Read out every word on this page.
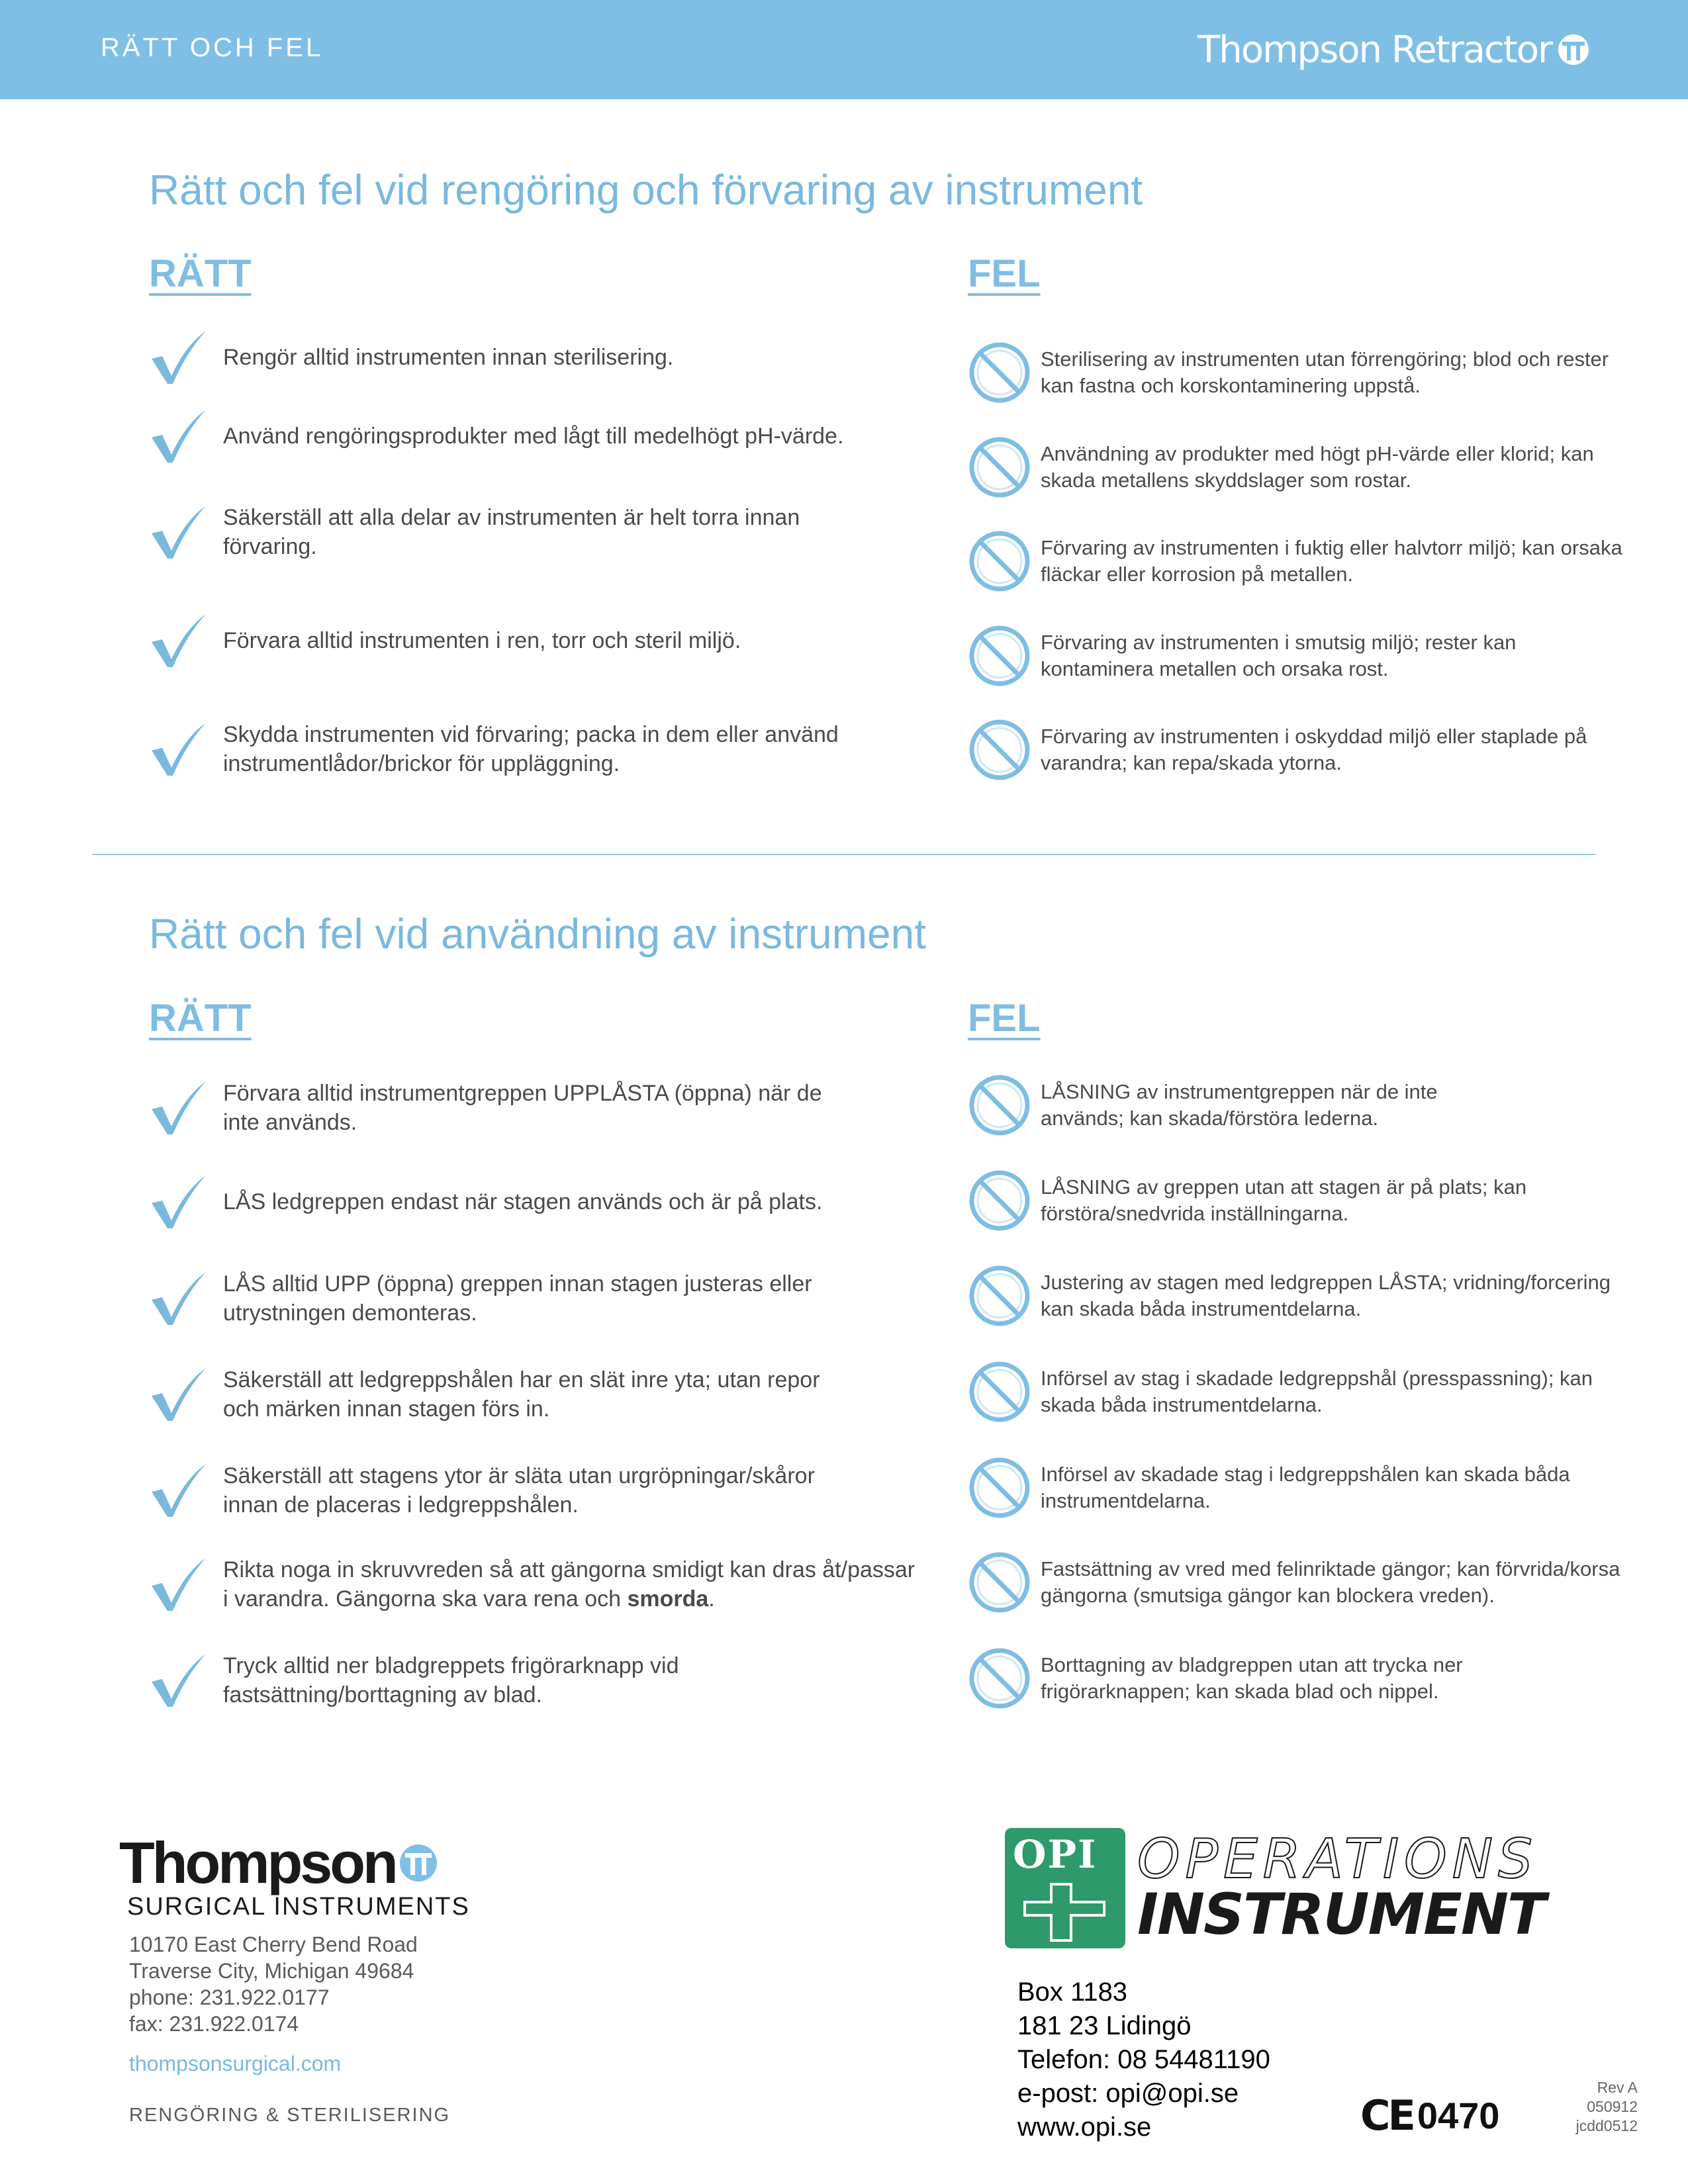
RÄTT OCH FEL	Thompson Retractor
Rätt och fel vid rengöring och förvaring av instrument
RÄTT	FEL
Rengör alltid instrumenten innan sterilisering.
Använd rengöringsprodukter med lågt till medelhögt pH-värde.
Säkerställ att alla delar av instrumenten är helt torra innan förvaring.
Förvara alltid instrumenten i ren, torr och steril miljö.
Skydda instrumenten vid förvaring; packa in dem eller använd instrumentlådor/brickor för uppläggning.
Sterilisering av instrumenten utan förrengöring; blod och rester kan fastna och korskontaminering uppstå.
Användning av produkter med högt pH-värde eller klorid; kan skada metallens skyddslager som rostar.
Förvaring av instrumenten i fuktig eller halvtorr miljö; kan orsaka fläckar eller korrosion på metallen.
Förvaring av instrumenten i smutsig miljö; rester kan kontaminera metallen och orsaka rost.
Förvaring av instrumenten i oskyddad miljö eller staplade på varandra; kan repa/skada ytorna.
Rätt och fel vid användning av instrument
RÄTT	FEL
Förvara alltid instrumentgreppen UPPLÅSTA (öppna) när de inte används.
LÅS ledgreppen endast när stagen används och är på plats.
LÅS alltid UPP (öppna) greppen innan stagen justeras eller utrystningen demonteras.
Säkerställ att ledgreppshålen har en slät inre yta; utan repor och märken innan stagen förs in.
Säkerställ att stagens ytor är släta utan urgröpningar/skåror innan de placeras i ledgreppshålen.
Rikta noga in skruvvreden så att gängorna smidigt kan dras åt/passar i varandra. Gängorna ska vara rena och smorda.
Tryck alltid ner bladgreppets frigörarknapp vid fastsättning/borttagning av blad.
LÅSNING av instrumentgreppen när de inte används; kan skada/förstöra lederna.
LÅSNING av greppen utan att stagen är på plats; kan förstöra/snedvrida inställningarna.
Justering av stagen med ledgreppen LÅSTA; vridning/forcering kan skada båda instrumentdelarna.
Införsel av stag i skadade ledgreppshål (presspassning); kan skada båda instrumentdelarna.
Införsel av skadade stag i ledgreppshålen kan skada båda instrumentdelarna.
Fastsättning av vred med felinriktade gängor; kan förvrida/korsa gängorna (smutsiga gängor kan blockera vreden).
Borttagning av bladgreppen utan att trycka ner frigörarknappen; kan skada blad och nippel.
Thompson
SURGICAL INSTRUMENTS
10170 East Cherry Bend Road
Traverse City, Michigan 49684
phone: 231.922.0177
fax: 231.922.0174
thompsonsurgical.com
RENGÖRING & STERILISERING
OPI OPERATIONS
INSTRUMENT
Box 1183
181 23 Lidingö
Telefon: 08 54481190
e-post: opi@opi.se
www.opi.se	CE 0470
Rev A
050912
jcdd0512
